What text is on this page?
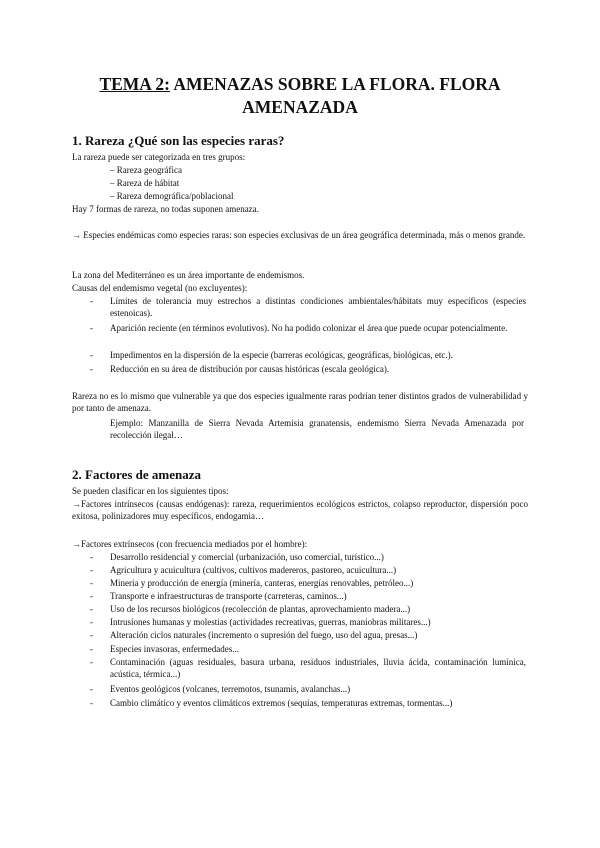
TEMA 2: AMENAZAS SOBRE LA FLORA. FLORA
AMENAZADA
1. Rareza ¿Qué son las especies raras?
La rareza puede ser categorizada en tres grupos:
– Rareza geográfica
– Rareza de hábitat
– Rareza demográfica/poblacional
Hay 7 formas de rareza, no todas suponen amenaza.
→ Especies endémicas como especies raras: son especies exclusivas de un área geográfica determinada, más o menos grande.
La zona del Mediterráneo es un área importante de endemismos.
Causas del endemismo vegetal (no excluyentes):
- Límites de tolerancia muy estrechos a distintas condiciones ambientales/hábitats muy específicos (especies estenoicas).
- Aparición reciente (en términos evolutivos). No ha podido colonizar el área que puede ocupar potencialmente.
- Impedimentos en la dispersión de la especie (barreras ecológicas, geográficas, biológicas, etc.).
- Reducción en su área de distribución por causas históricas (escala geológica).
Rareza no es lo mismo que vulnerable ya que dos especies igualmente raras podrían tener distintos grados de vulnerabilidad y por tanto de amenaza.
Ejemplo: Manzanilla de Sierra Nevada Artemisia granatensis, endemismo Sierra Nevada Amenazada por recolección ilegal…
2. Factores de amenaza
Se pueden clasificar en los siguientes tipos:
→Factores intrínsecos (causas endógenas): rareza, requerimientos ecológicos estrictos, colapso reproductor, dispersión poco exitosa, polinizadores muy específicos, endogamia…
→Factores extrínsecos (con frecuencia mediados por el hombre):
- Desarrollo residencial y comercial (urbanización, uso comercial, turístico...)
- Agricultura y acuicultura (cultivos, cultivos madereros, pastoreo, acuicultura...)
- Minería y producción de energía (minería, canteras, energías renovables, petróleo...)
- Transporte e infraestructuras de transporte (carreteras, caminos...)
- Uso de los recursos biológicos (recolección de plantas, aprovechamiento madera...)
- Intrusiones humanas y molestias (actividades recreativas, guerras, maniobras militares...)
- Alteración ciclos naturales (incremento o supresión del fuego, uso del agua, presas...)
- Especies invasoras, enfermedades...
- Contaminación (aguas residuales, basura urbana, residuos industriales, lluvia ácida, contaminación lumínica, acústica, térmica...)
- Eventos geológicos (volcanes, terremotos, tsunamis, avalanchas...)
- Cambio climático y eventos climáticos extremos (sequías, temperaturas extremas, tormentas...)
